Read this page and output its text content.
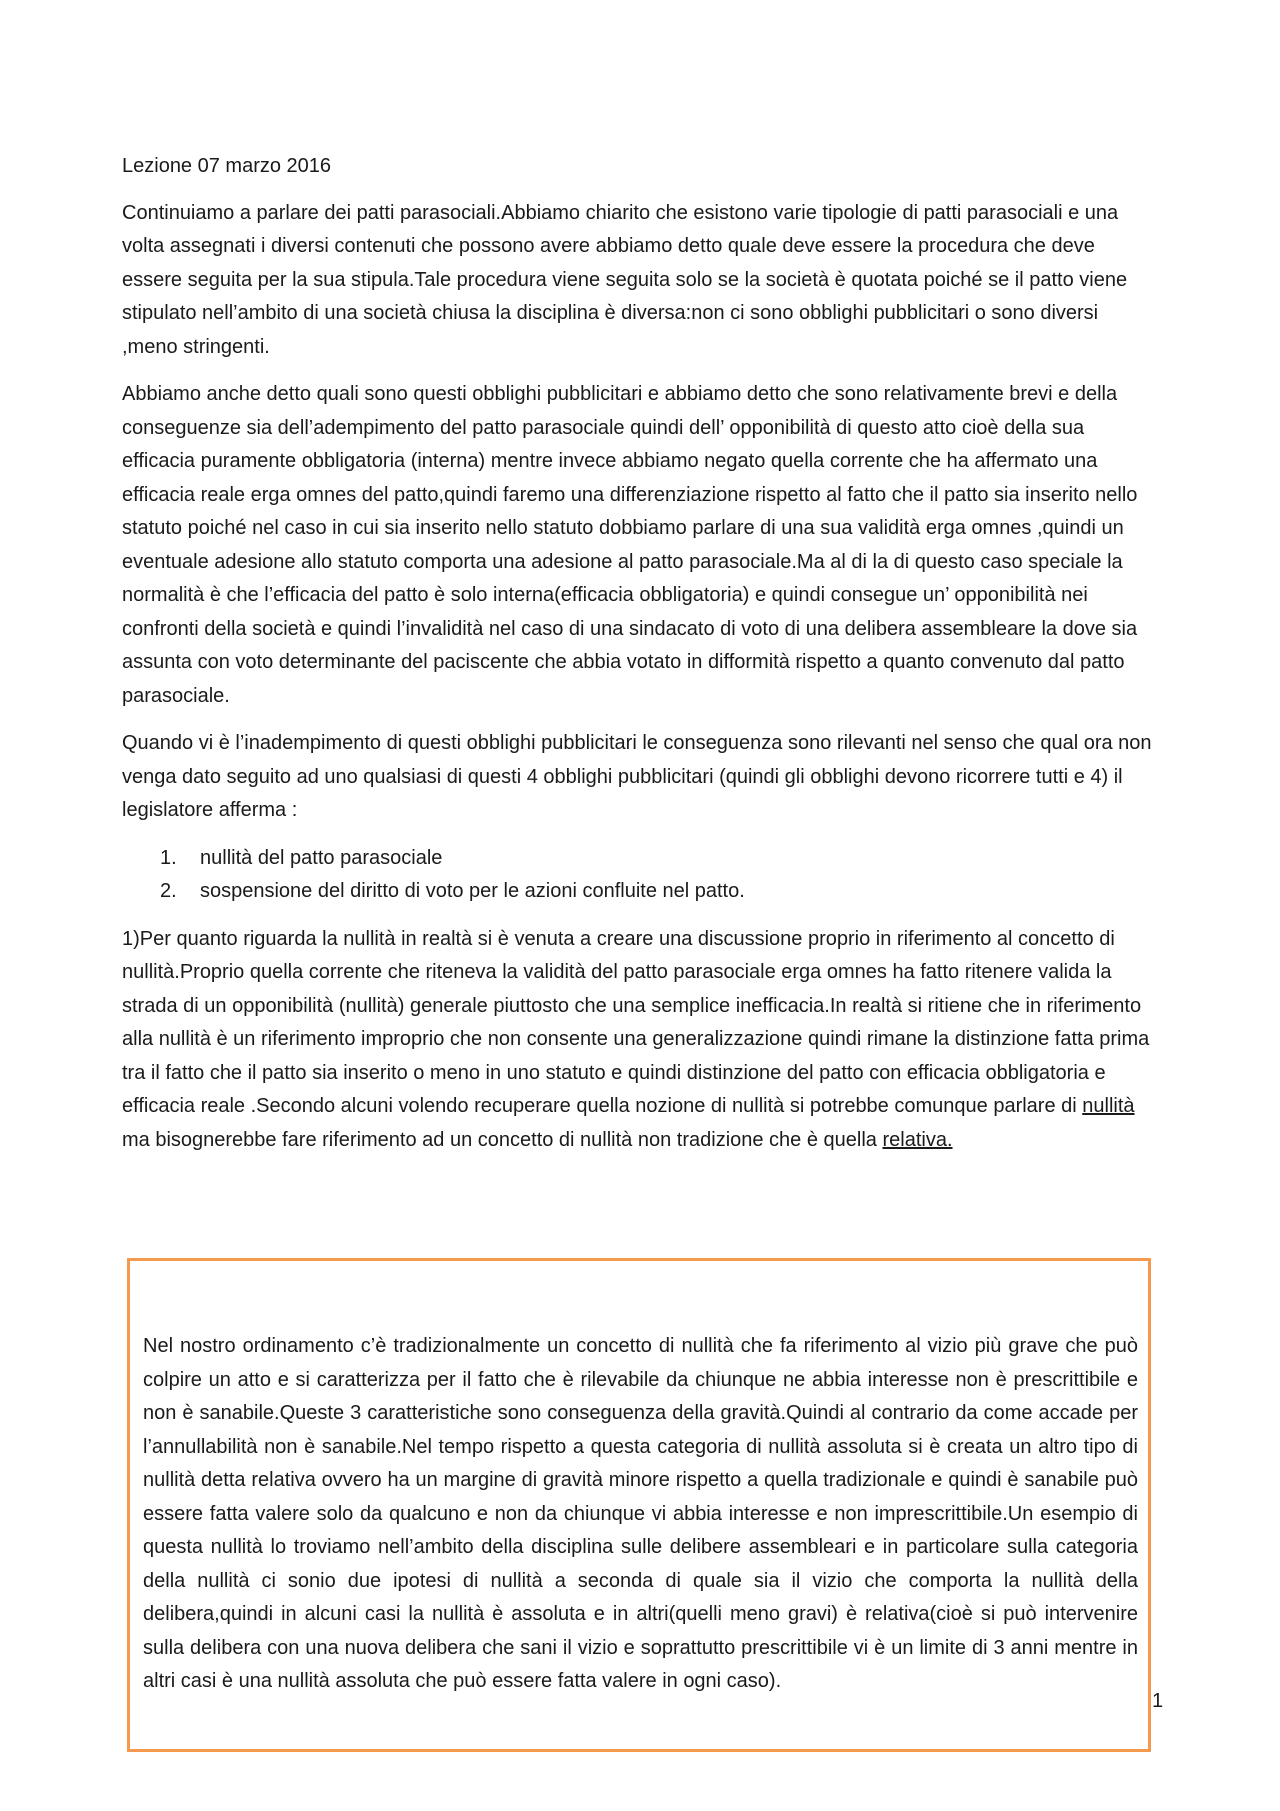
Lezione 07 marzo 2016

Continuiamo a parlare dei patti parasociali.Abbiamo chiarito che esistono varie tipologie di patti parasociali e una volta assegnati i diversi contenuti che possono avere abbiamo detto quale deve essere la procedura che deve essere seguita per la sua stipula.Tale procedura viene seguita solo se la società è quotata poiché se il patto viene stipulato nell’ambito di una società chiusa la disciplina è diversa:non ci sono obblighi pubblicitari o sono diversi ,meno stringenti.

Abbiamo anche detto quali sono questi obblighi pubblicitari e abbiamo detto che sono relativamente brevi e della conseguenze sia dell’adempimento del patto parasociale quindi dell’ opponibilità di questo atto cioè della sua efficacia puramente obbligatoria (interna) mentre invece abbiamo negato quella corrente che ha affermato una efficacia reale erga omnes del patto,quindi faremo una differenziazione rispetto al fatto che il patto sia inserito nello statuto poiché nel caso in cui sia inserito nello statuto dobbiamo parlare di una sua validità erga omnes ,quindi un eventuale adesione allo statuto comporta una adesione al patto parasociale.Ma al di la di questo caso speciale la normalità è che l’efficacia del patto è solo interna(efficacia obbligatoria) e quindi consegue un’ opponibilità nei confronti della società e quindi l’invalidità nel caso di una sindacato di voto di una delibera assembleare la dove sia assunta con voto determinante del paciscente che abbia votato in difformità rispetto a quanto convenuto dal patto parasociale.

Quando vi è l’inadempimento di questi obblighi pubblicitari le conseguenza sono rilevanti nel senso che qual ora non venga dato seguito ad uno qualsiasi di questi 4 obblighi pubblicitari (quindi gli obblighi devono ricorrere tutti e 4) il legislatore afferma :

1. nullità del patto parasociale
2. sospensione del diritto di voto per le azioni confluite nel patto.

1)Per quanto riguarda la nullità in realtà si è venuta a creare una discussione proprio in riferimento al concetto di nullità.Proprio quella corrente che riteneva la validità del patto parasociale erga omnes ha fatto ritenere valida la strada di un opponibilità (nullità) generale piuttosto che una semplice inefficacia.In realtà si ritiene che in riferimento alla nullità è un riferimento improprio che non consente una generalizzazione quindi rimane la distinzione fatta prima tra il fatto che il patto sia inserito o meno in uno statuto e quindi distinzione del patto con efficacia obbligatoria e efficacia reale .Secondo alcuni volendo recuperare quella nozione di nullità si potrebbe comunque parlare di nullità ma bisognerebbe fare riferimento ad un concetto di nullità non tradizione che è quella relativa.

Nel nostro ordinamento c’è tradizionalmente un concetto di nullità che fa riferimento al vizio più grave che può colpire un atto e si caratterizza per il fatto che è rilevabile da chiunque ne abbia interesse non è prescrittibile e non è sanabile.Queste 3 caratteristiche sono conseguenza della gravità.Quindi al contrario da come accade per l’annullabilità non è sanabile.Nel tempo rispetto a questa categoria di nullità assoluta si è creata un altro tipo di nullità detta relativa ovvero ha un margine di gravità minore rispetto a quella tradizionale e quindi è sanabile può essere fatta valere solo da qualcuno e non da chiunque vi abbia interesse e non imprescrittibile.Un esempio di questa nullità lo troviamo nell’ambito della disciplina sulle delibere assembleari e in particolare sulla categoria della nullità ci sonio due ipotesi di nullità a seconda di quale sia il vizio che comporta la nullità della delibera,quindi in alcuni casi la nullità è assoluta e in altri(quelli meno gravi) è relativa(cioè si può intervenire sulla delibera con una nuova delibera che sani il vizio e soprattutto prescrittibile vi è un limite di 3 anni mentre in altri casi è una nullità assoluta che può essere fatta valere in ogni caso).

1
